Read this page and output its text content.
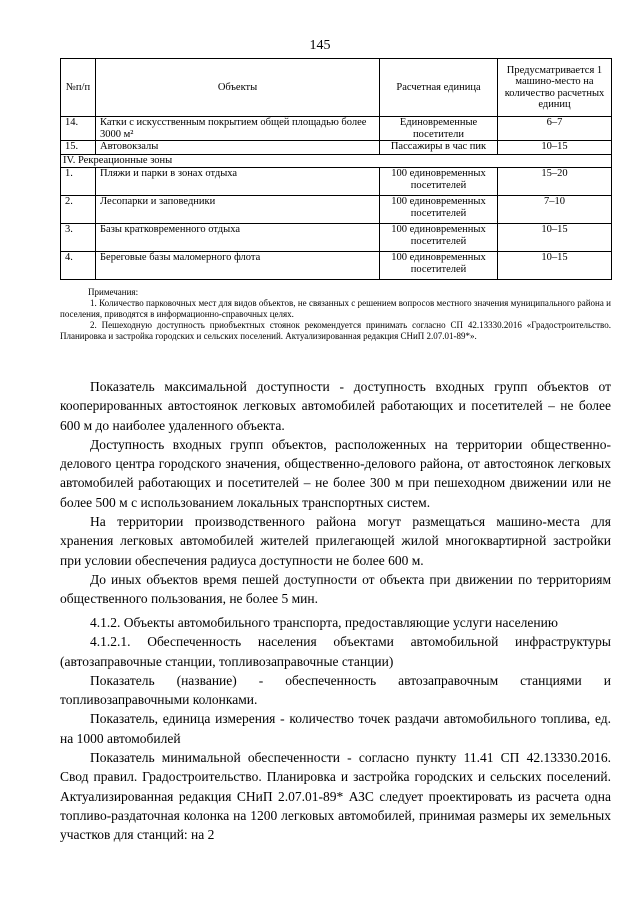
145
№п/п	Объекты	Расчетная единица	Предусматривается 1 машино-место на количество расчетных единиц
14.	Катки с искусственным покрытием общей площадью более 3000 м²	Единовременные посетители	6–7
15.	Автовокзалы	Пассажиры в час пик	10–15
IV. Рекреационные зоны			
1.	Пляжи и парки в зонах отдыха	100 единовременных посетителей	15–20
2.	Лесопарки и заповедники	100 единовременных посетителей	7–10
3.	Базы кратковременного отдыха	100 единовременных посетителей	10–15
4.	Береговые базы маломерного флота	100 единовременных посетителей	10–15

Примечания:

1. Количество парковочных мест для видов объектов, не связанных с решением вопросов местного значения муниципального района и поселения, приводятся в информационно-справочных целях.

2. Пешеходную доступность приобъектных стоянок рекомендуется принимать согласно СП 42.13330.2016 «Градостроительство. Планировка и застройка городских и сельских поселений. Актуализированная редакция СНиП 2.07.01-89*».

Показатель максимальной доступности - доступность входных групп объектов от кооперированных автостоянок легковых автомобилей работающих и посетителей – не более 600 м до наиболее удаленного объекта.

Доступность входных групп объектов, расположенных на территории общественно-делового центра городского значения, общественно-делового района, от автостоянок легковых автомобилей работающих и посетителей – не более 300 м при пешеходном движении или не более 500 м с использованием локальных транспортных систем.

На территории производственного района могут размещаться машино-места для хранения легковых автомобилей жителей прилегающей жилой многоквартирной застройки при условии обеспечения радиуса доступности не более 600 м.

До иных объектов время пешей доступности от объекта при движении по территориям общественного пользования, не более 5 мин.

4.1.2. Объекты автомобильного транспорта, предоставляющие услуги населению

4.1.2.1. Обеспеченность населения объектами автомобильной инфраструктуры (автозаправочные станции, топливозаправочные станции)

Показатель (название) - обеспеченность автозаправочным станциями и топливозаправочными колонками.

Показатель, единица измерения - количество точек раздачи автомобильного топлива, ед. на 1000 автомобилей

Показатель минимальной обеспеченности - согласно пункту 11.41 СП 42.13330.2016. Свод правил. Градостроительство. Планировка и застройка городских и сельских поселений. Актуализированная редакция СНиП 2.07.01-89* АЗС следует проектировать из расчета одна топливо-раздаточная колонка на 1200 легковых автомобилей, принимая размеры их земельных участков для станций: на 2
